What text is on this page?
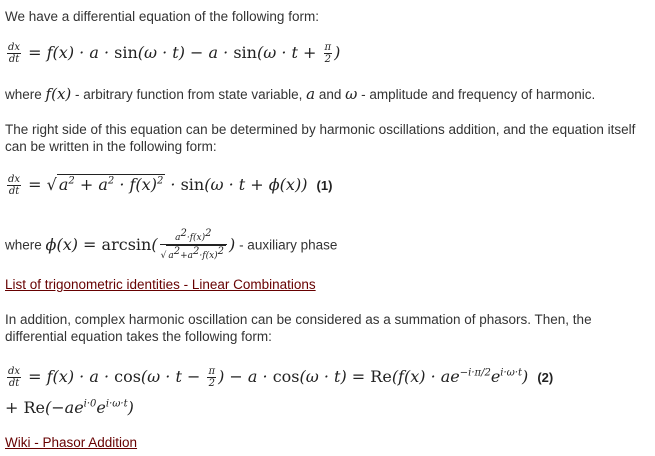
We have a differential equation of the following form:
$\frac{dx}{dt} = f(x) \cdot a \cdot \sin(\omega \cdot t) - a \cdot \sin(\omega \cdot t + \frac{\pi}{2}$ )
where f(x) - arbitrary function from state variable, a and ω - amplitude and frequency of harmonic.
The right side of this equation can be determined by harmonic oscillations addition, and the equation itself can be written in the following form:
$\frac{dx}{dt}$ = √ $a^2 + a^2 \cdot f(x)^2 \cdot \sin(\omega \cdot t + \phi(x))$ (1)
where $\phi(x) = \arcsin( \frac{a^2\cdot f(x)^2}{√ a^2+a^2\cdot f(x)^2}$ ) - auxiliary phase
List of trigonometric identities - Linear Combinations
In addition, complex harmonic oscillation can be considered as a summation of phasors. Then, the differential equation takes the following form:
$\frac{dx}{dt} = f(x) \cdot a \cdot \cos(\omega \cdot t - \frac{\pi}{2}$ ) − $a \cdot \cos(\omega \cdot t) = Re(f(x) \cdot ae^{-i\cdot\pi/2}e^{i\cdot\omega\cdot t})$ (2)
+ $Re(-ae^{i\cdot 0}e^{i\cdot\omega\cdot t})$
Wiki - Phasor Addition
